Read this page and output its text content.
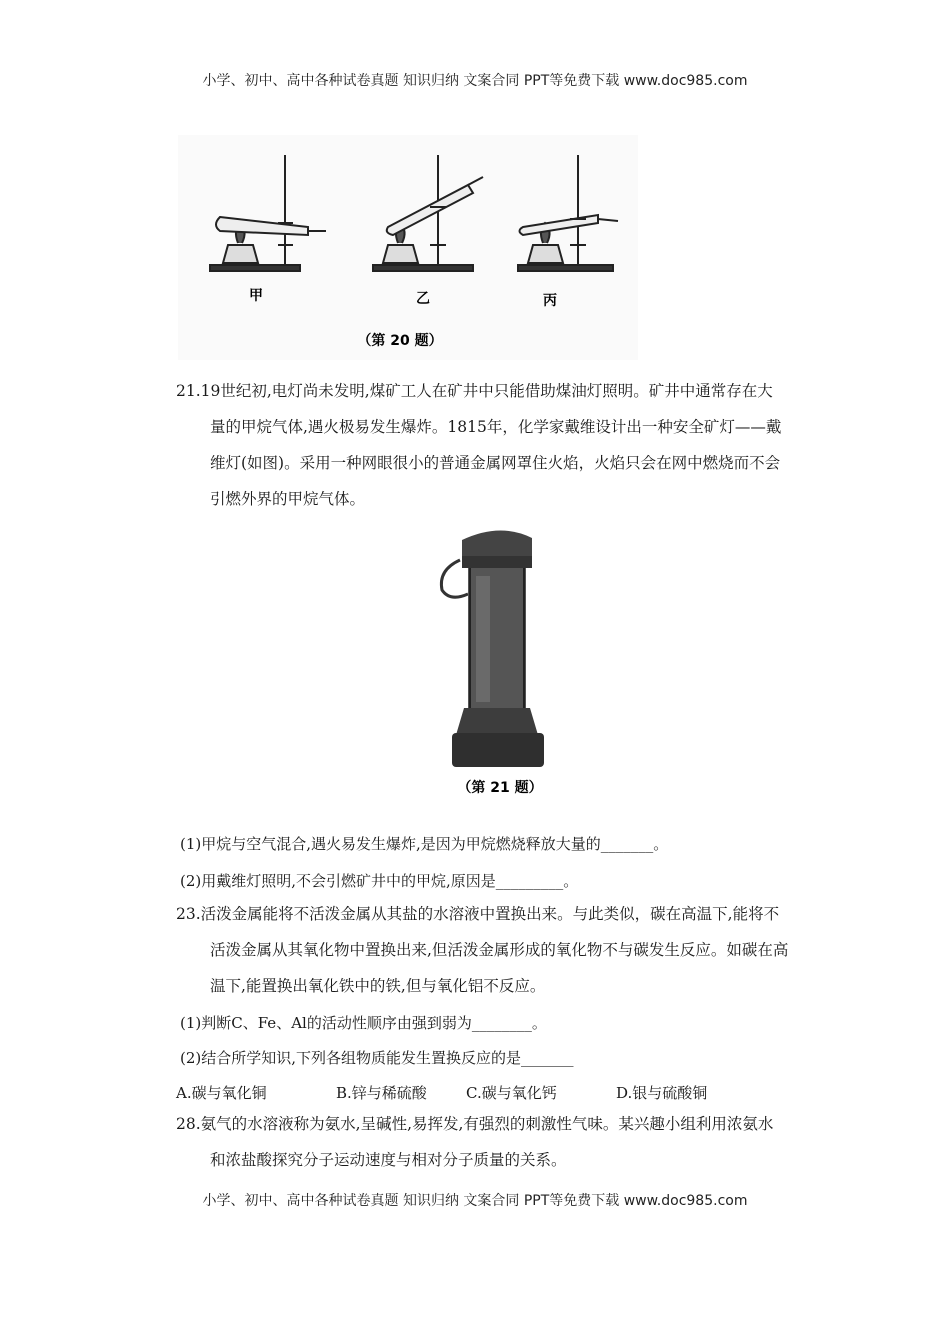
小学、初中、高中各种试卷真题 知识归纳 文案合同 PPT等免费下载 www.doc985.com
甲	乙	丙
（第 20 题）
21.19世纪初,电灯尚未发明,煤矿工人在矿井中只能借助煤油灯照明。矿井中通常存在大
量的甲烷气体,遇火极易发生爆炸。1815年，化学家戴维设计出一种安全矿灯——戴
维灯(如图)。采用一种网眼很小的普通金属网罩住火焰，火焰只会在网中燃烧而不会
引燃外界的甲烷气体。
（第 21 题）
(1)甲烷与空气混合,遇火易发生爆炸,是因为甲烷燃烧释放大量的_______。
(2)用戴维灯照明,不会引燃矿井中的甲烷,原因是_________。
23.活泼金属能将不活泼金属从其盐的水溶液中置换出来。与此类似，碳在高温下,能将不
活泼金属从其氧化物中置换出来,但活泼金属形成的氧化物不与碳发生反应。如碳在高
温下,能置换出氧化铁中的铁,但与氧化铝不反应。
(1)判断C、Fe、Al的活动性顺序由强到弱为________。
(2)结合所学知识,下列各组物质能发生置换反应的是_______
A.碳与氧化铜	B.锌与稀硫酸	C.碳与氧化钙	D.银与硫酸铜
28.氨气的水溶液称为氨水,呈碱性,易挥发,有强烈的刺激性气味。某兴趣小组利用浓氨水
和浓盐酸探究分子运动速度与相对分子质量的关系。
小学、初中、高中各种试卷真题 知识归纳 文案合同 PPT等免费下载 www.doc985.com
